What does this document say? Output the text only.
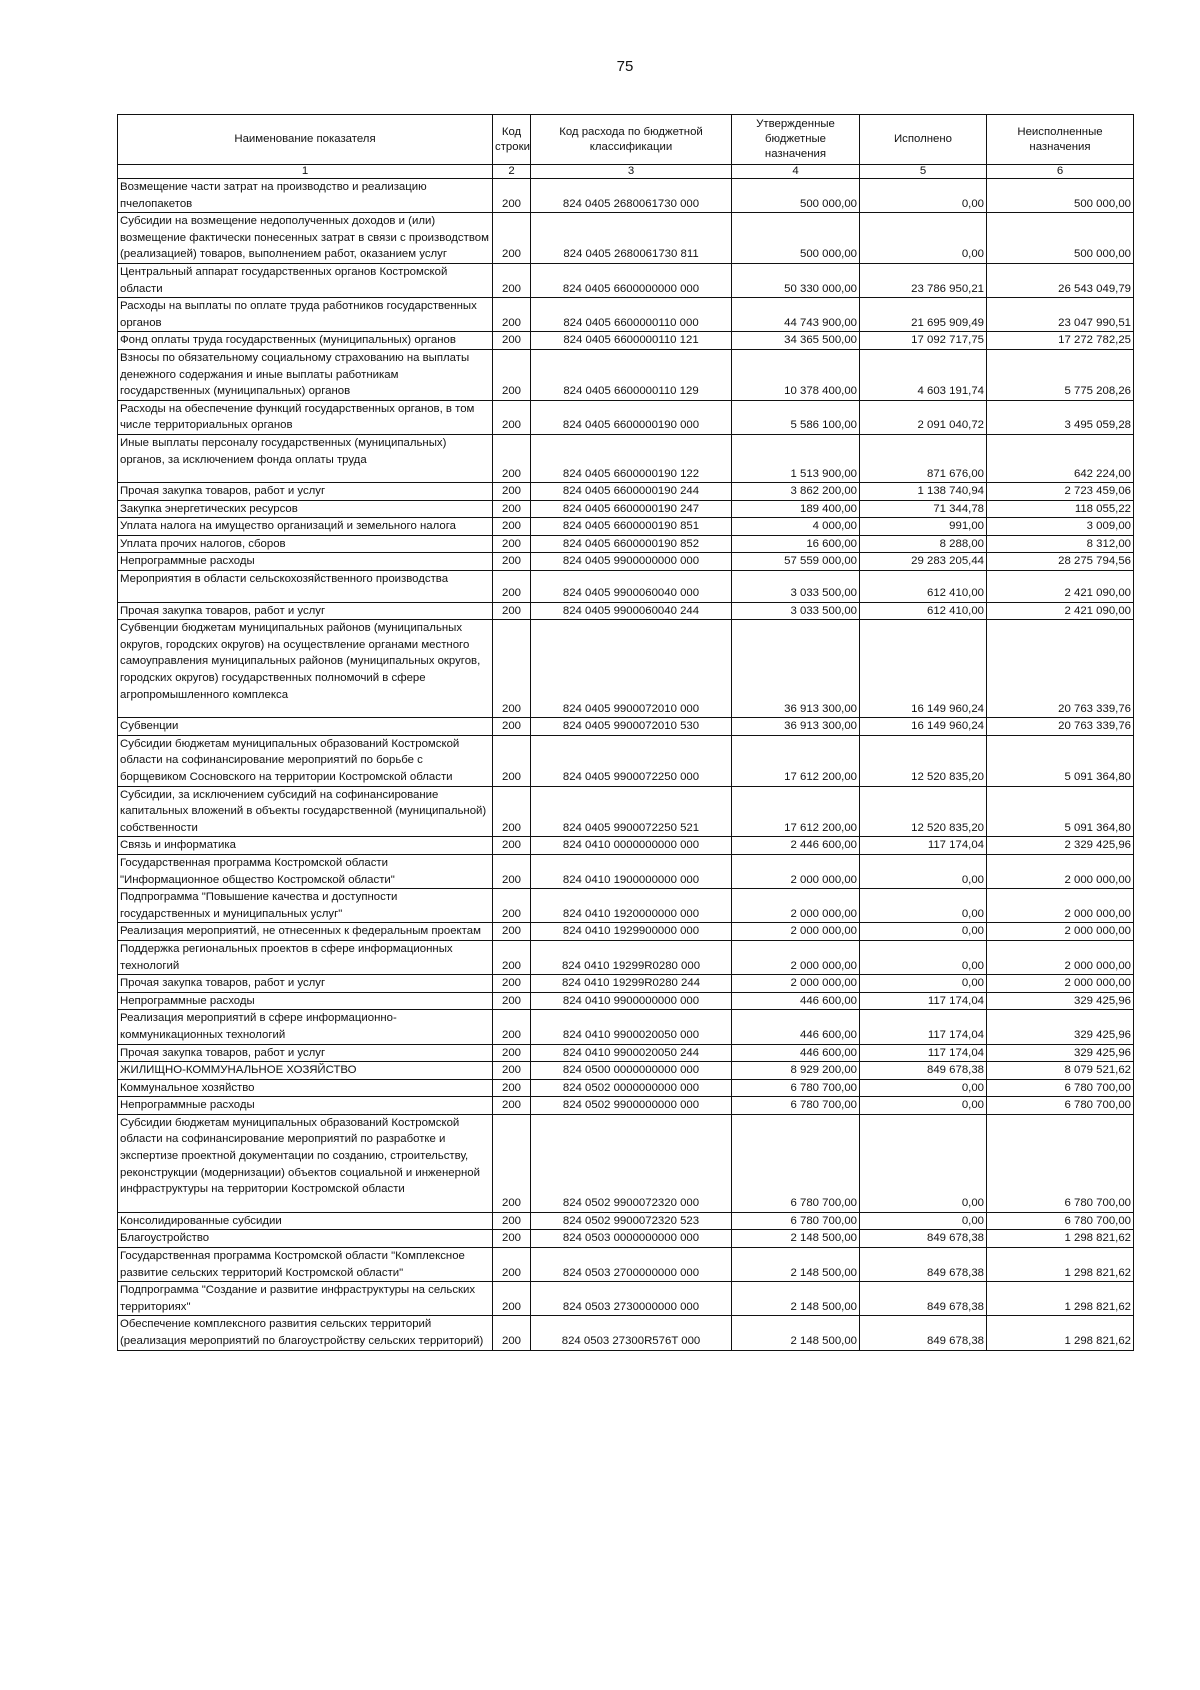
75
Наименование показателя	Код строки	Код расхода по бюджетной классификации	Утвержденные бюджетные назначения	Исполнено	Неисполненные назначения
1	2	3	4	5	6
Возмещение части затрат на производство и реализацию пчелопакетов	200	824 0405 2680061730 000	500 000,00	0,00	500 000,00
Субсидии на возмещение недополученных доходов и (или) возмещение фактически понесенных затрат в связи с производством (реализацией) товаров, выполнением работ, оказанием услуг	200	824 0405 2680061730 811	500 000,00	0,00	500 000,00
Центральный аппарат государственных органов Костромской области	200	824 0405 6600000000 000	50 330 000,00	23 786 950,21	26 543 049,79
Расходы на выплаты по оплате труда работников государственных органов	200	824 0405 6600000110 000	44 743 900,00	21 695 909,49	23 047 990,51
Фонд оплаты труда государственных (муниципальных) органов	200	824 0405 6600000110 121	34 365 500,00	17 092 717,75	17 272 782,25
Взносы по обязательному социальному страхованию на выплаты денежного содержания и иные выплаты работникам государственных (муниципальных) органов	200	824 0405 6600000110 129	10 378 400,00	4 603 191,74	5 775 208,26
Расходы на обеспечение функций государственных органов, в том числе территориальных органов	200	824 0405 6600000190 000	5 586 100,00	2 091 040,72	3 495 059,28
Иные выплаты персоналу государственных (муниципальных) органов, за исключением фонда оплаты труда	200	824 0405 6600000190 122	1 513 900,00	871 676,00	642 224,00
Прочая закупка товаров, работ и услуг	200	824 0405 6600000190 244	3 862 200,00	1 138 740,94	2 723 459,06
Закупка энергетических ресурсов	200	824 0405 6600000190 247	189 400,00	71 344,78	118 055,22
Уплата налога на имущество организаций и земельного налога	200	824 0405 6600000190 851	4 000,00	991,00	3 009,00
Уплата прочих налогов, сборов	200	824 0405 6600000190 852	16 600,00	8 288,00	8 312,00
Непрограммные расходы	200	824 0405 9900000000 000	57 559 000,00	29 283 205,44	28 275 794,56
Мероприятия в области сельскохозяйственного производства	200	824 0405 9900060040 000	3 033 500,00	612 410,00	2 421 090,00
Прочая закупка товаров, работ и услуг	200	824 0405 9900060040 244	3 033 500,00	612 410,00	2 421 090,00
Субвенции бюджетам муниципальных районов (муниципальных округов, городских округов) на осуществление органами местного самоуправления муниципальных районов (муниципальных округов, городских округов) государственных полномочий в сфере агропромышленного комплекса	200	824 0405 9900072010 000	36 913 300,00	16 149 960,24	20 763 339,76
Субвенции	200	824 0405 9900072010 530	36 913 300,00	16 149 960,24	20 763 339,76
Субсидии бюджетам муниципальных образований Костромской области на софинансирование мероприятий по борьбе с борщевиком Сосновского на территории Костромской области	200	824 0405 9900072250 000	17 612 200,00	12 520 835,20	5 091 364,80
Субсидии, за исключением субсидий на софинансирование капитальных вложений в объекты государственной (муниципальной) собственности	200	824 0405 9900072250 521	17 612 200,00	12 520 835,20	5 091 364,80
Связь и информатика	200	824 0410 0000000000 000	2 446 600,00	117 174,04	2 329 425,96
Государственная программа Костромской области "Информационное общество Костромской области"	200	824 0410 1900000000 000	2 000 000,00	0,00	2 000 000,00
Подпрограмма "Повышение качества и доступности государственных и муниципальных услуг"	200	824 0410 1920000000 000	2 000 000,00	0,00	2 000 000,00
Реализация мероприятий, не отнесенных к федеральным проектам	200	824 0410 1929900000 000	2 000 000,00	0,00	2 000 000,00
Поддержка региональных проектов в сфере информационных технологий	200	824 0410 19299R0280 000	2 000 000,00	0,00	2 000 000,00
Прочая закупка товаров, работ и услуг	200	824 0410 19299R0280 244	2 000 000,00	0,00	2 000 000,00
Непрограммные расходы	200	824 0410 9900000000 000	446 600,00	117 174,04	329 425,96
Реализация мероприятий в сфере информационно-коммуникационных технологий	200	824 0410 9900020050 000	446 600,00	117 174,04	329 425,96
Прочая закупка товаров, работ и услуг	200	824 0410 9900020050 244	446 600,00	117 174,04	329 425,96
ЖИЛИЩНО-КОММУНАЛЬНОЕ ХОЗЯЙСТВО	200	824 0500 0000000000 000	8 929 200,00	849 678,38	8 079 521,62
Коммунальное хозяйство	200	824 0502 0000000000 000	6 780 700,00	0,00	6 780 700,00
Непрограммные расходы	200	824 0502 9900000000 000	6 780 700,00	0,00	6 780 700,00
Субсидии бюджетам муниципальных образований Костромской области на софинансирование мероприятий по разработке и экспертизе проектной документации по созданию, строительству, реконструкции (модернизации) объектов социальной и инженерной инфраструктуры на территории Костромской области	200	824 0502 9900072320 000	6 780 700,00	0,00	6 780 700,00
Консолидированные субсидии	200	824 0502 9900072320 523	6 780 700,00	0,00	6 780 700,00
Благоустройство	200	824 0503 0000000000 000	2 148 500,00	849 678,38	1 298 821,62
Государственная программа Костромской области "Комплексное развитие сельских территорий Костромской области"	200	824 0503 2700000000 000	2 148 500,00	849 678,38	1 298 821,62
Подпрограмма "Создание и развитие инфраструктуры на сельских территориях"	200	824 0503 2730000000 000	2 148 500,00	849 678,38	1 298 821,62
Обеспечение комплексного развития сельских территорий (реализация мероприятий по благоустройству сельских территорий)	200	824 0503 27300R576T 000	2 148 500,00	849 678,38	1 298 821,62
